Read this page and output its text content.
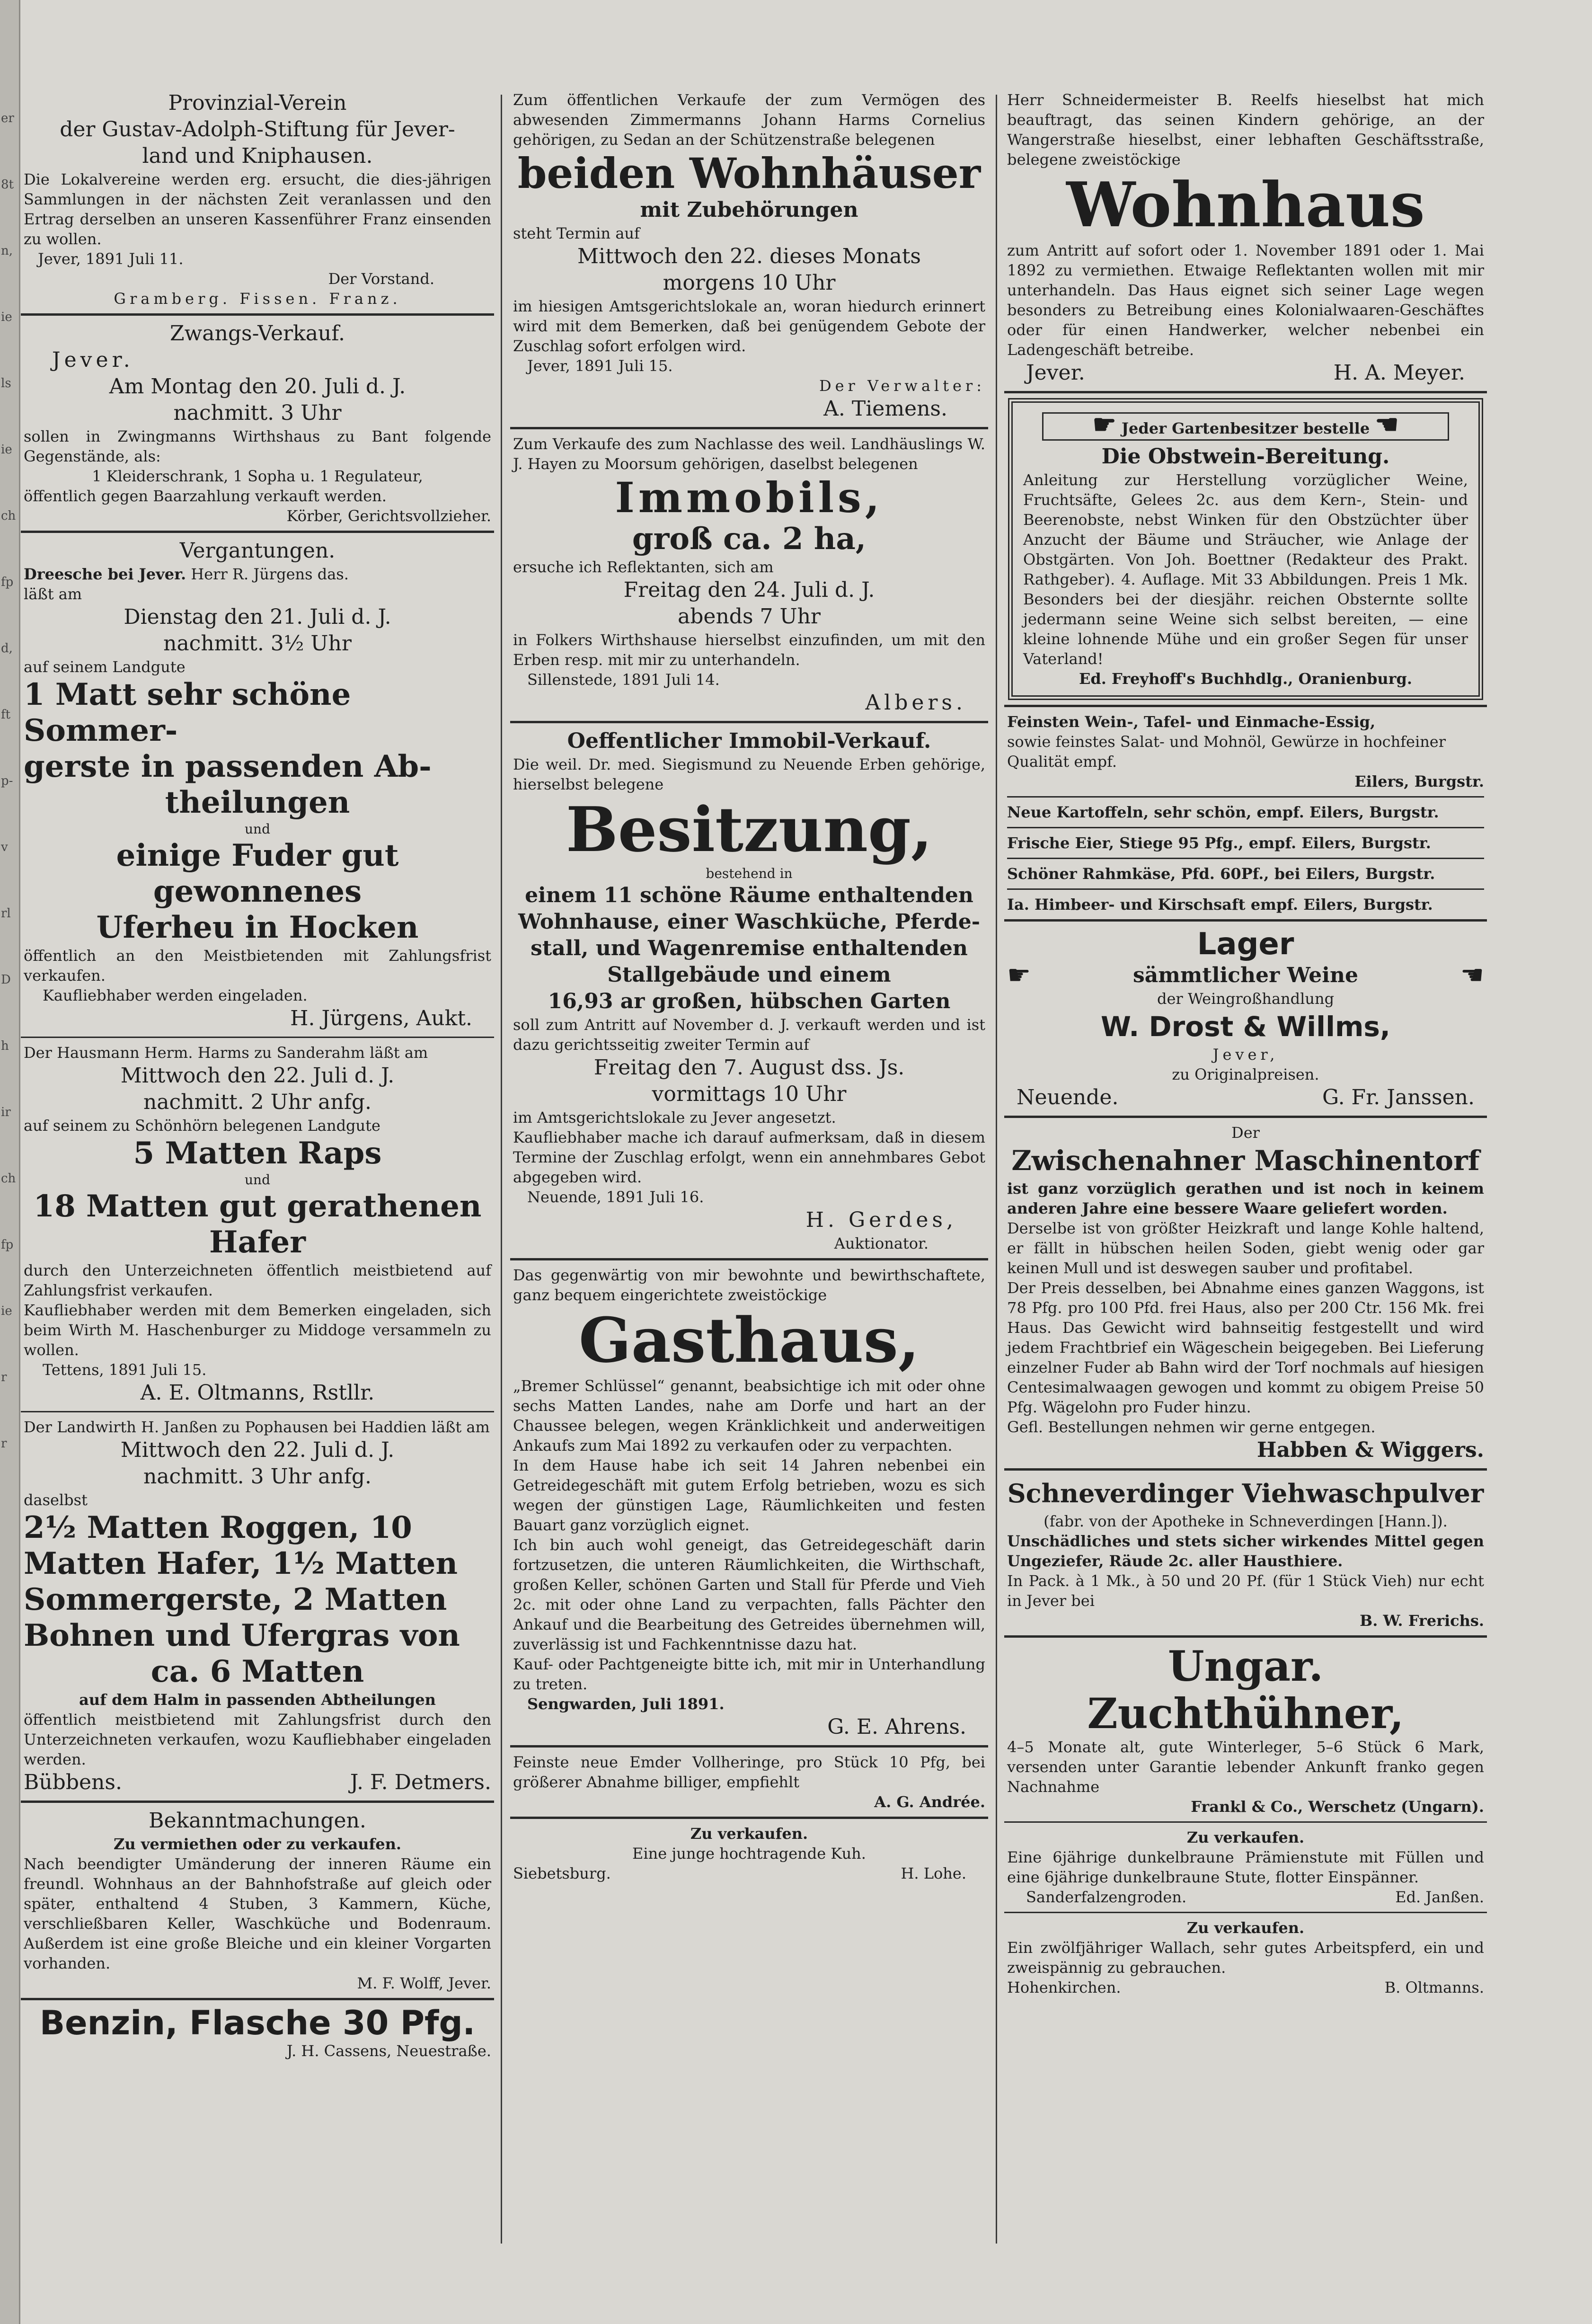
er
8t
n,
ie
ls
ie
ch
fp
d,
ft
p-
v
rl
D
h
ir
ch
fp
ie
r
r
Provinzial-Verein
der Gustav-Adolph-Stiftung für Jever-
land und Kniphausen.
Die Lokalvereine werden erg. ersucht, die dies-jährigen Sammlungen in der nächsten Zeit veranlassen und den Ertrag derselben an unseren Kassenführer Franz einsenden zu wollen.
Jever, 1891 Juli 11.
Der Vorstand.
Gramberg. Fissen. Franz.
Zwangs-Verkauf.
Jever.
Am Montag den 20. Juli d. J.
nachmitt. 3 Uhr
sollen in Zwingmanns Wirthshaus zu Bant folgende Gegenstände, als:
1 Kleiderschrank, 1 Sopha u. 1 Regulateur,
öffentlich gegen Baarzahlung verkauft werden.
Körber, Gerichtsvollzieher.
Vergantungen.
Dreesche bei Jever. Herr R. Jürgens das.
läßt am
Dienstag den 21. Juli d. J.
nachmitt. 3½ Uhr
auf seinem Landgute
1 Matt sehr schöne Sommer-
gerste in passenden Ab-
theilungen
und
einige Fuder gut gewonnenes
Uferheu in Hocken
öffentlich an den Meistbietenden mit Zahlungsfrist verkaufen.
Kaufliebhaber werden eingeladen.
H. Jürgens, Aukt.
Der Hausmann Herm. Harms zu Sanderahm läßt am
Mittwoch den 22. Juli d. J.
nachmitt. 2 Uhr anfg.
auf seinem zu Schönhörn belegenen Landgute
5 Matten Raps
und
18 Matten gut gerathenen
Hafer
durch den Unterzeichneten öffentlich meistbietend auf Zahlungsfrist verkaufen.
Kaufliebhaber werden mit dem Bemerken eingeladen, sich beim Wirth M. Haschenburger zu Middoge versammeln zu wollen.
Tettens, 1891 Juli 15.
A. E. Oltmanns, Rstllr.
Der Landwirth H. Janßen zu Pophausen bei Haddien läßt am
Mittwoch den 22. Juli d. J.
nachmitt. 3 Uhr anfg.
daselbst
2½ Matten Roggen, 10
Matten Hafer, 1½ Matten
Sommergerste, 2 Matten
Bohnen und Ufergras von
ca. 6 Matten
auf dem Halm in passenden Abtheilungen
öffentlich meistbietend mit Zahlungsfrist durch den Unterzeichneten verkaufen, wozu Kaufliebhaber eingeladen werden.
Bübbens.	J. F. Detmers.
Bekanntmachungen.
Zu vermiethen oder zu verkaufen.
Nach beendigter Umänderung der inneren Räume ein freundl. Wohnhaus an der Bahnhofstraße auf gleich oder später, enthaltend 4 Stuben, 3 Kammern, Küche, verschließbaren Keller, Waschküche und Bodenraum. Außerdem ist eine große Bleiche und ein kleiner Vorgarten vorhanden.
M. F. Wolff, Jever.
Benzin, Flasche 30 Pfg.
J. H. Cassens, Neuestraße.
Zum öffentlichen Verkaufe der zum Vermögen des abwesenden Zimmermanns Johann Harms Cornelius gehörigen, zu Sedan an der Schützenstraße belegenen
beiden Wohnhäuser
mit Zubehörungen
steht Termin auf
Mittwoch den 22. dieses Monats
morgens 10 Uhr
im hiesigen Amtsgerichtslokale an, woran hiedurch erinnert wird mit dem Bemerken, daß bei genügendem Gebote der Zuschlag sofort erfolgen wird.
Jever, 1891 Juli 15.
Der Verwalter:
A. Tiemens.
Zum Verkaufe des zum Nachlasse des weil. Landhäuslings W. J. Hayen zu Moorsum gehörigen, daselbst belegenen
Immobils,
groß ca. 2 ha,
ersuche ich Reflektanten, sich am
Freitag den 24. Juli d. J.
abends 7 Uhr
in Folkers Wirthshause hierselbst einzufinden, um mit den Erben resp. mit mir zu unterhandeln.
Sillenstede, 1891 Juli 14.
Albers.
Oeffentlicher Immobil-Verkauf.
Die weil. Dr. med. Siegismund zu Neuende Erben gehörige, hierselbst belegene
Besitzung,
bestehend in
einem 11 schöne Räume enthaltenden
Wohnhause, einer Waschküche, Pferde-
stall, und Wagenremise enthaltenden
Stallgebäude und einem
16,93 ar großen, hübschen Garten
soll zum Antritt auf November d. J. verkauft werden und ist dazu gerichtsseitig zweiter Termin auf
Freitag den 7. August dss. Js.
vormittags 10 Uhr
im Amtsgerichtslokale zu Jever angesetzt.
Kaufliebhaber mache ich darauf aufmerksam, daß in diesem Termine der Zuschlag erfolgt, wenn ein annehmbares Gebot abgegeben wird.
Neuende, 1891 Juli 16.
H. Gerdes,
Auktionator.
Das gegenwärtig von mir bewohnte und bewirthschaftete, ganz bequem eingerichtete zweistöckige
Gasthaus,
„Bremer Schlüssel“ genannt, beabsichtige ich mit oder ohne sechs Matten Landes, nahe am Dorfe und hart an der Chaussee belegen, wegen Kränklichkeit und anderweitigen Ankaufs zum Mai 1892 zu verkaufen oder zu verpachten.
In dem Hause habe ich seit 14 Jahren nebenbei ein Getreidegeschäft mit gutem Erfolg betrieben, wozu es sich wegen der günstigen Lage, Räumlichkeiten und festen Bauart ganz vorzüglich eignet.
Ich bin auch wohl geneigt, das Getreidegeschäft darin fortzusetzen, die unteren Räumlichkeiten, die Wirthschaft, großen Keller, schönen Garten und Stall für Pferde und Vieh 2c. mit oder ohne Land zu verpachten, falls Pächter den Ankauf und die Bearbeitung des Getreides übernehmen will, zuverlässig ist und Fachkenntnisse dazu hat.
Kauf- oder Pachtgeneigte bitte ich, mit mir in Unterhandlung zu treten.
Sengwarden, Juli 1891.
G. E. Ahrens.
Feinste neue Emder Vollheringe, pro Stück 10 Pfg, bei größerer Abnahme billiger, empfiehlt
A. G. Andrée.
Zu verkaufen.
Eine junge hochtragende Kuh.
Siebetsburg.	H. Lohe.
Herr Schneidermeister B. Reelfs hieselbst hat mich beauftragt, das seinen Kindern gehörige, an der Wangerstraße hieselbst, einer lebhaften Geschäftsstraße, belegene zweistöckige
Wohnhaus
zum Antritt auf sofort oder 1. November 1891 oder 1. Mai 1892 zu vermiethen. Etwaige Reflektanten wollen mit mir unterhandeln. Das Haus eignet sich seiner Lage wegen besonders zu Betreibung eines Kolonialwaaren-Geschäftes oder für einen Handwerker, welcher nebenbei ein Ladengeschäft betreibe.
Jever.	H. A. Meyer.
☛ Jeder Gartenbesitzer bestelle ☚
Die Obstwein-Bereitung.
Anleitung zur Herstellung vorzüglicher Weine, Fruchtsäfte, Gelees 2c. aus dem Kern-, Stein- und Beerenobste, nebst Winken für den Obstzüchter über Anzucht der Bäume und Sträucher, wie Anlage der Obstgärten. Von Joh. Boettner (Redakteur des Prakt. Rathgeber). 4. Auflage. Mit 33 Abbildungen. Preis 1 Mk. Besonders bei der diesjähr. reichen Obsternte sollte jedermann seine Weine sich selbst bereiten, — eine kleine lohnende Mühe und ein großer Segen für unser Vaterland!
Ed. Freyhoff's Buchhdlg., Oranienburg.
Feinsten Wein-, Tafel- und Einmache-Essig,
sowie feinstes Salat- und Mohnöl, Gewürze in hochfeiner Qualität empf.
Eilers, Burgstr.
Neue Kartoffeln, sehr schön, empf. Eilers, Burgstr.
Frische Eier, Stiege 95 Pfg., empf. Eilers, Burgstr.
Schöner Rahmkäse, Pfd. 60Pf., bei Eilers, Burgstr.
Ia. Himbeer- und Kirschsaft empf. Eilers, Burgstr.
Lager
☛	sämmtlicher Weine	☚
der Weingroßhandlung
W. Drost & Willms,
Jever,
zu Originalpreisen.
Neuende.	G. Fr. Janssen.
Der
Zwischenahner Maschinentorf
ist ganz vorzüglich gerathen und ist noch in keinem anderen Jahre eine bessere Waare geliefert worden.
Derselbe ist von größter Heizkraft und lange Kohle haltend, er fällt in hübschen heilen Soden, giebt wenig oder gar keinen Mull und ist deswegen sauber und profitabel.
Der Preis desselben, bei Abnahme eines ganzen Waggons, ist 78 Pfg. pro 100 Pfd. frei Haus, also per 200 Ctr. 156 Mk. frei Haus. Das Gewicht wird bahnseitig festgestellt und wird jedem Frachtbrief ein Wägeschein beigegeben. Bei Lieferung einzelner Fuder ab Bahn wird der Torf nochmals auf hiesigen Centesimalwaagen gewogen und kommt zu obigem Preise 50 Pfg. Wägelohn pro Fuder hinzu.
Gefl. Bestellungen nehmen wir gerne entgegen.
Habben & Wiggers.
Schneverdinger Viehwaschpulver
(fabr. von der Apotheke in Schneverdingen [Hann.]).
Unschädliches und stets sicher wirkendes Mittel gegen Ungeziefer, Räude 2c. aller Hausthiere.
In Pack. à 1 Mk., à 50 und 20 Pf. (für 1 Stück Vieh) nur echt in Jever bei
B. W. Frerichs.
Ungar. Zuchthühner,
4–5 Monate alt, gute Winterleger, 5–6 Stück 6 Mark, versenden unter Garantie lebender Ankunft franko gegen Nachnahme
Frankl & Co., Werschetz (Ungarn).
Zu verkaufen.
Eine 6jährige dunkelbraune Prämienstute mit Füllen und eine 6jährige dunkelbraune Stute, flotter Einspänner.
Sanderfalzengroden.	Ed. Janßen.
Zu verkaufen.
Ein zwölfjähriger Wallach, sehr gutes Arbeitspferd, ein und zweispännig zu gebrauchen.
Hohenkirchen.	B. Oltmanns.
